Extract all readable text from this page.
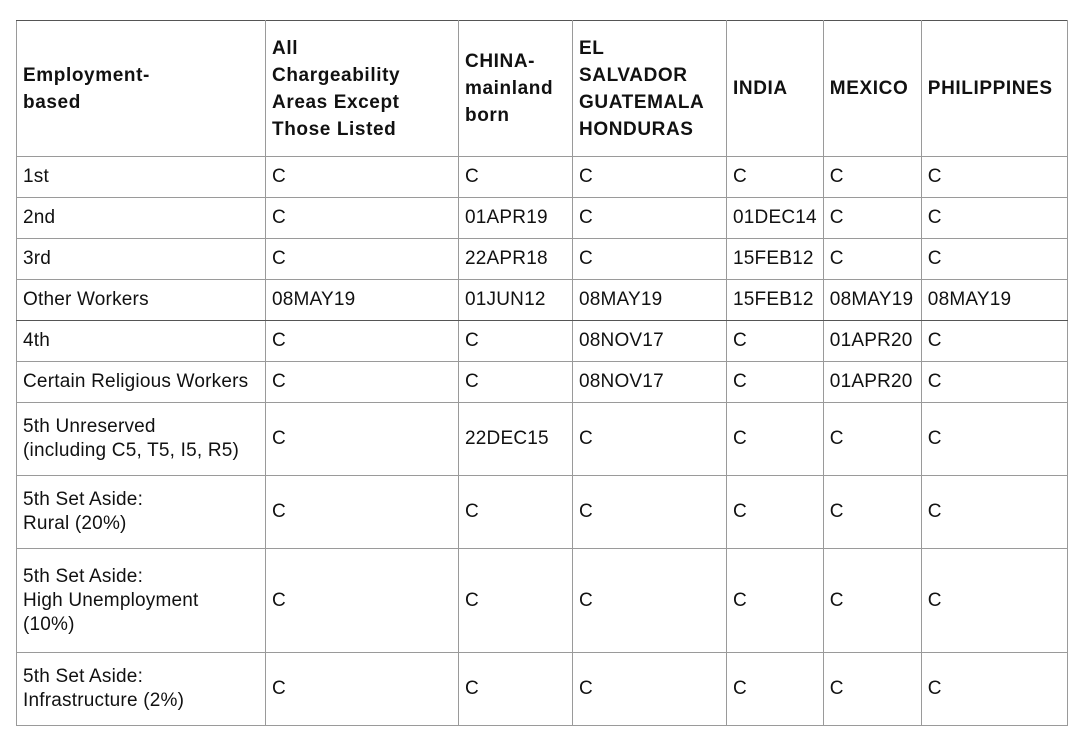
Employment-
based	All
Chargeability
Areas Except
Those Listed	CHINA-
mainland
born	EL
SALVADOR
GUATEMALA
HONDURAS	INDIA	MEXICO	PHILIPPINES
1st	C	C	C	C	C	C
2nd	C	01APR19	C	01DEC14	C	C
3rd	C	22APR18	C	15FEB12	C	C
Other Workers	08MAY19	01JUN12	08MAY19	15FEB12	08MAY19	08MAY19
4th	C	C	08NOV17	C	01APR20	C
Certain Religious Workers	C	C	08NOV17	C	01APR20	C
5th Unreserved
(including C5, T5, I5, R5)	C	22DEC15	C	C	C	C
5th Set Aside:
Rural (20%)	C	C	C	C	C	C
5th Set Aside:
High Unemployment
(10%)	C	C	C	C	C	C
5th Set Aside:
Infrastructure (2%)	C	C	C	C	C	C
